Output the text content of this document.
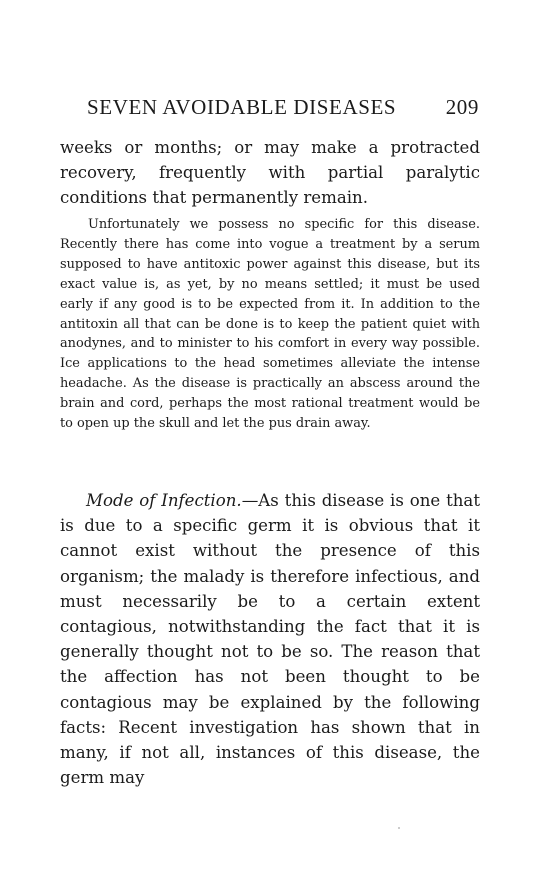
SEVEN AVOIDABLE DISEASES 209

weeks or months; or may make a protracted recovery, frequently with partial paralytic conditions that permanently remain.

Unfortunately we possess no specific for this disease. Recently there has come into vogue a treatment by a serum supposed to have antitoxic power against this disease, but its exact value is, as yet, by no means settled; it must be used early if any good is to be expected from it. In addition to the antitoxin all that can be done is to keep the patient quiet with anodynes, and to minister to his comfort in every way possible. Ice applications to the head sometimes alleviate the intense headache. As the disease is practically an abscess around the brain and cord, perhaps the most rational treatment would be to open up the skull and let the pus drain away.

Mode of Infection.—As this disease is one that is due to a specific germ it is obvious that it cannot exist without the presence of this organism; the malady is therefore infectious, and must necessarily be to a certain extent contagious, notwithstanding the fact that it is generally thought not to be so. The reason that the affection has not been thought to be contagious may be explained by the following facts: Recent investigation has shown that in many, if not all, instances of this disease, the germ may
